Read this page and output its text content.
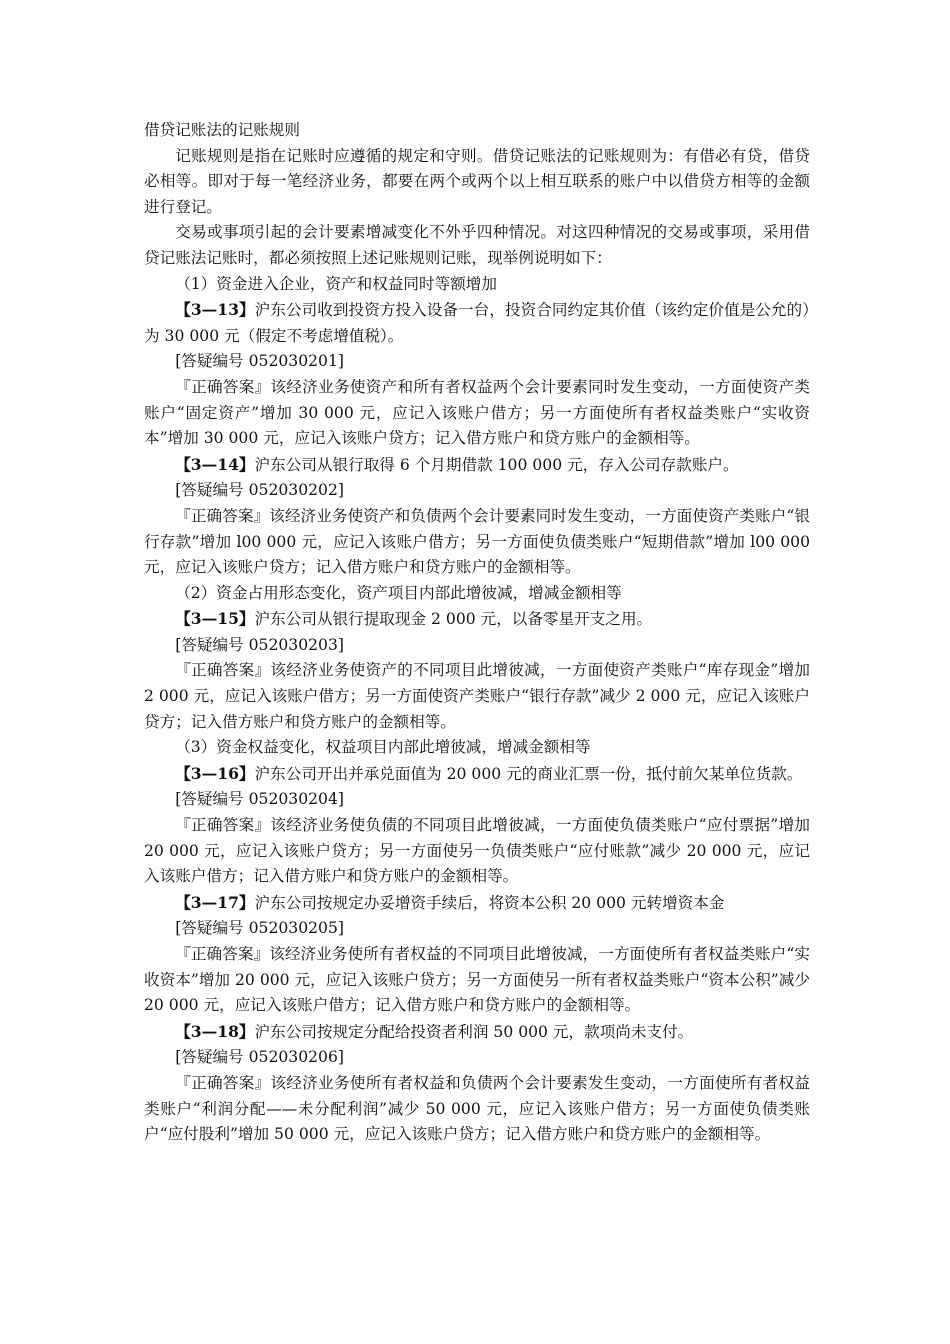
借贷记账法的记账规则

记账规则是指在记账时应遵循的规定和守则。借贷记账法的记账规则为：有借必有贷，借贷必相等。即对于每一笔经济业务，都要在两个或两个以上相互联系的账户中以借贷方相等的金额进行登记。

交易或事项引起的会计要素增减变化不外乎四种情况。对这四种情况的交易或事项，采用借贷记账法记账时，都必须按照上述记账规则记账，现举例说明如下：

（1）资金进入企业，资产和权益同时等额增加

【3—13】沪东公司收到投资方投入设备一台，投资合同约定其价值（该约定价值是公允的）为 30 000 元（假定不考虑增值税）。

[答疑编号 052030201]

『正确答案』该经济业务使资产和所有者权益两个会计要素同时发生变动，一方面使资产类账户“固定资产”增加 30 000 元，应记入该账户借方；另一方面使所有者权益类账户“实收资本”增加 30 000 元，应记入该账户贷方；记入借方账户和贷方账户的金额相等。

【3—14】沪东公司从银行取得 6 个月期借款 100 000 元，存入公司存款账户。

[答疑编号 052030202]

『正确答案』该经济业务使资产和负债两个会计要素同时发生变动，一方面使资产类账户“银行存款”增加 l00 000 元，应记入该账户借方；另一方面使负债类账户“短期借款”增加 l00 000 元，应记入该账户贷方；记入借方账户和贷方账户的金额相等。

（2）资金占用形态变化，资产项目内部此增彼减，增减金额相等

【3—15】沪东公司从银行提取现金 2 000 元，以备零星开支之用。

[答疑编号 052030203]

『正确答案』该经济业务使资产的不同项目此增彼减，一方面使资产类账户“库存现金”增加 2 000 元，应记入该账户借方；另一方面使资产类账户“银行存款”减少 2 000 元，应记入该账户贷方；记入借方账户和贷方账户的金额相等。

（3）资金权益变化，权益项目内部此增彼减，增减金额相等

【3—16】沪东公司开出并承兑面值为 20 000 元的商业汇票一份，抵付前欠某单位货款。

[答疑编号 052030204]

『正确答案』该经济业务使负债的不同项目此增彼减，一方面使负债类账户“应付票据”增加 20 000 元，应记入该账户贷方；另一方面使另一负债类账户“应付账款”减少 20 000 元，应记入该账户借方；记入借方账户和贷方账户的金额相等。

【3—17】沪东公司按规定办妥增资手续后，将资本公积 20 000 元转增资本金

[答疑编号 052030205]

『正确答案』该经济业务使所有者权益的不同项目此增彼减，一方面使所有者权益类账户“实收资本”增加 20 000 元，应记入该账户贷方；另一方面使另一所有者权益类账户“资本公积”减少 20 000 元，应记入该账户借方；记入借方账户和贷方账户的金额相等。

【3—18】沪东公司按规定分配给投资者利润 50 000 元，款项尚未支付。

[答疑编号 052030206]

『正确答案』该经济业务使所有者权益和负债两个会计要素发生变动，一方面使所有者权益类账户“利润分配——未分配利润”减少 50 000 元，应记入该账户借方；另一方面使负债类账户“应付股利”增加 50 000 元，应记入该账户贷方；记入借方账户和贷方账户的金额相等。
